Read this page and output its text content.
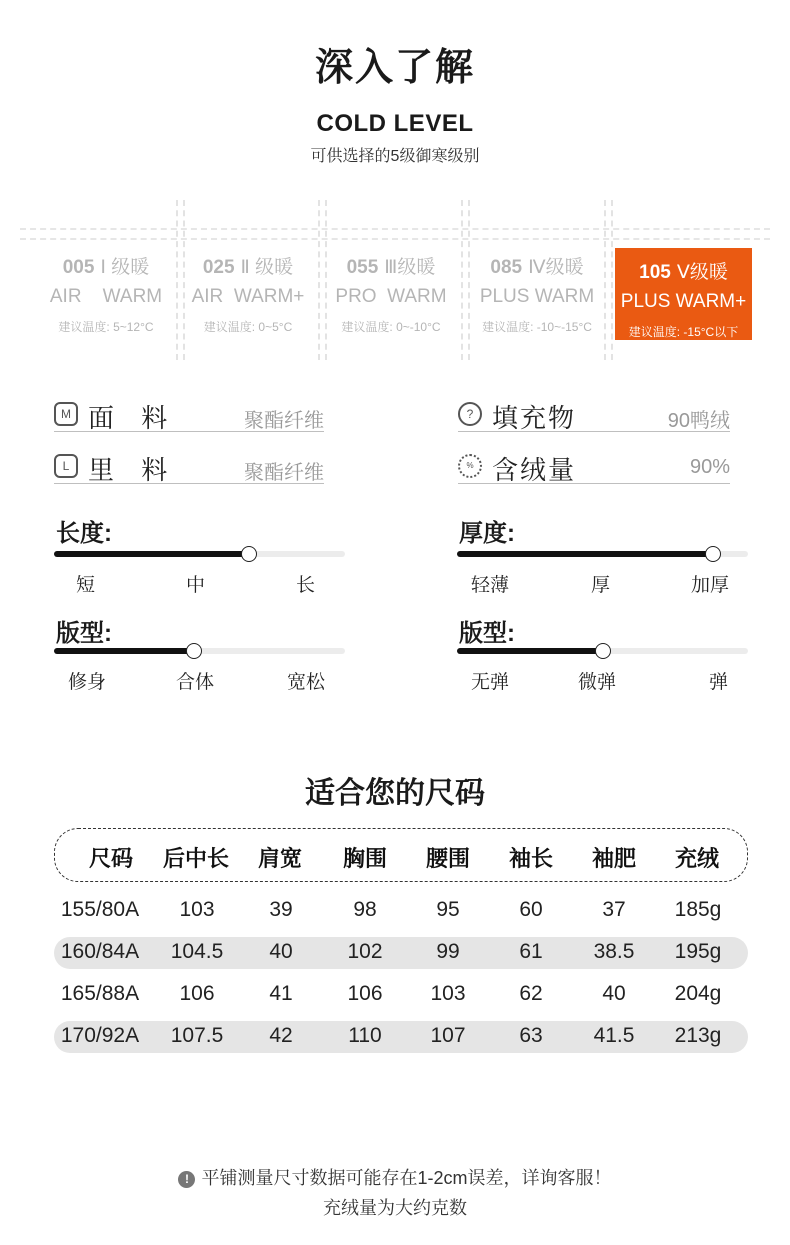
深入了解
COLD LEVEL
可供选择的5级御寒级别
005 Ⅰ 级暖
AIR    WARM
建议温度: 5~12°C
025 Ⅱ 级暖
AIR  WARM+
建议温度: 0~5°C
055 Ⅲ级暖
PRO  WARM
建议温度: 0~-10°C
085 Ⅳ级暖
PLUS WARM
建议温度: -10~-15°C
105 Ⅴ级暖
PLUS WARM+
建议温度: -15°C以下
M 面 料	聚酯纤维
L 里 料	聚酯纤维
? 填充物	90鸭绒
% 含绒量	90%
长度:
短	中	长
厚度:
轻薄	厚	加厚
版型:
修身	合体	宽松
版型:
无弹	微弹	弹
适合您的尺码
尺码	后中长	肩宽	胸围	腰围	袖长	袖肥	充绒
155/80A	103	39	98	95	60	37	185g
160/84A	104.5	40	102	99	61	38.5	195g
165/88A	106	41	106	103	62	40	204g
170/92A	107.5	42	110	107	63	41.5	213g
! 平铺测量尺寸数据可能存在1-2cm误差，详询客服！
充绒量为大约克数
